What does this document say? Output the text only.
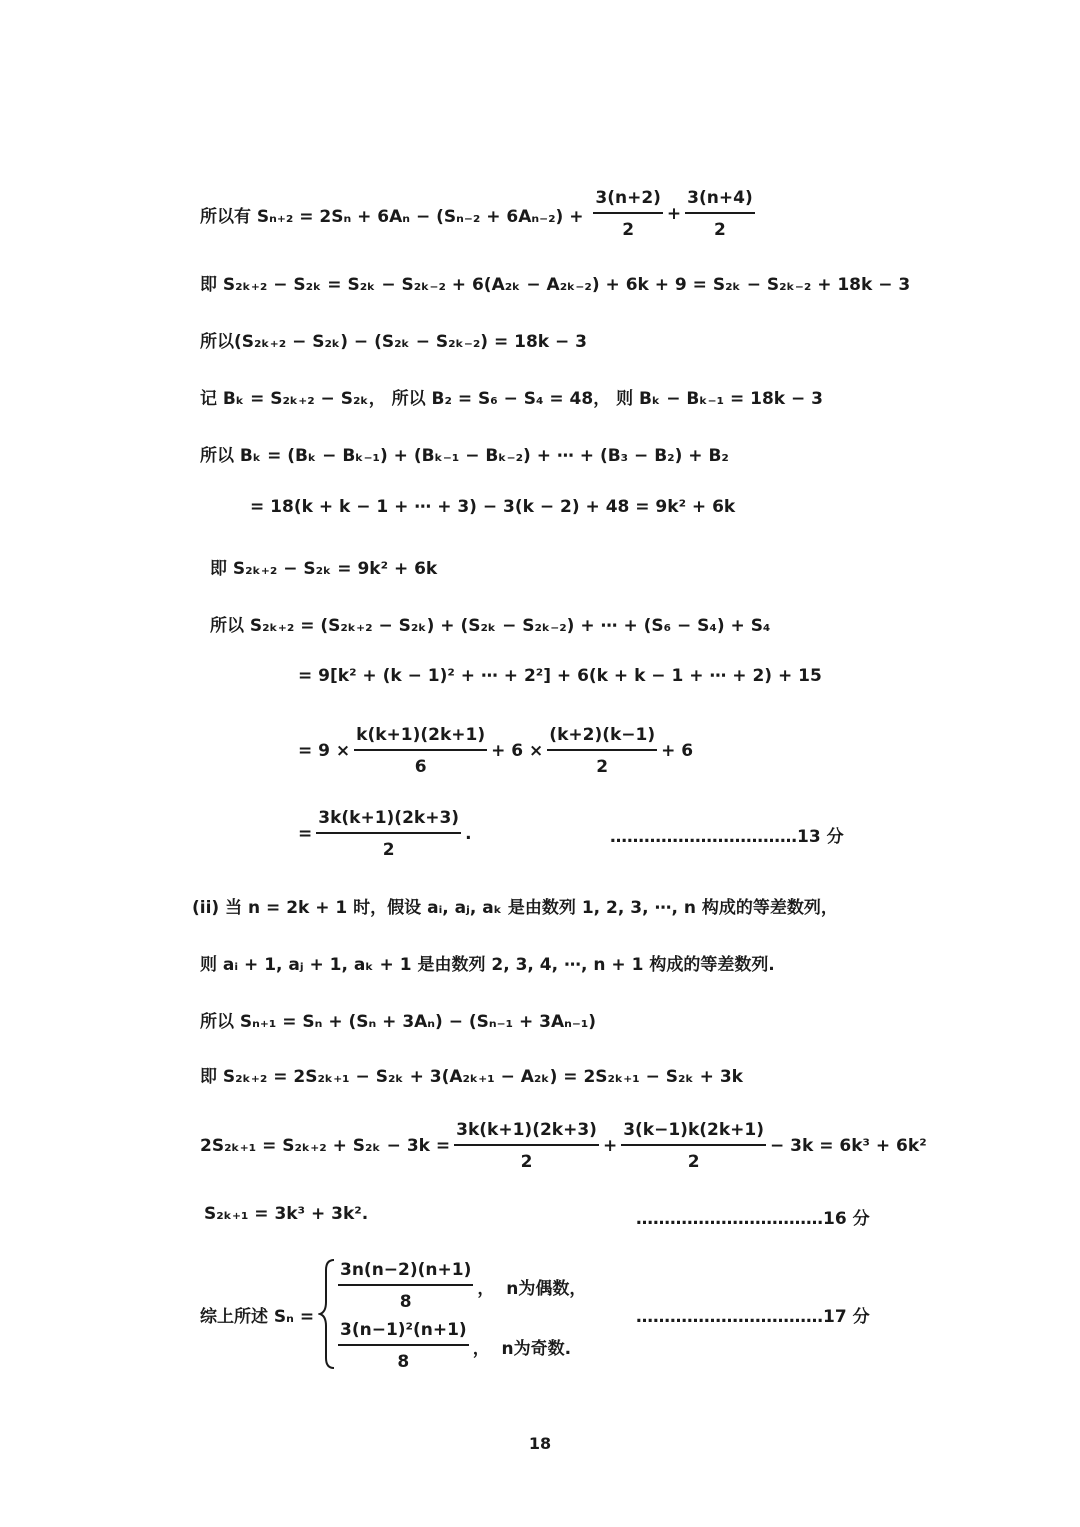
所以有 $S_{n+2} = 2S_n + 6A_n - (S_{n-2} + 6A_{n-2}) + \frac{3(n+2)}{2} + \frac{3(n+4)}{2}$
即 S₂ₖ₊₂ − S₂ₖ = S₂ₖ − S₂ₖ₋₂ + 6(A₂ₖ − A₂ₖ₋₂) + 6k + 9 = S₂ₖ − S₂ₖ₋₂ + 18k − 3
所以(S₂ₖ₊₂ − S₂ₖ) − (S₂ₖ − S₂ₖ₋₂) = 18k − 3
记 Bₖ = S₂ₖ₊₂ − S₂ₖ， 所以 B₂ = S₆ − S₄ = 48， 则 Bₖ − Bₖ₋₁ = 18k − 3
所以 Bₖ = (Bₖ − Bₖ₋₁) + (Bₖ₋₁ − Bₖ₋₂) + ⋯ + (B₃ − B₂) + B₂
= 18(k + k − 1 + ⋯ + 3) − 3(k − 2) + 48 = 9k² + 6k
即 S₂ₖ₊₂ − S₂ₖ = 9k² + 6k
所以 S₂ₖ₊₂ = (S₂ₖ₊₂ − S₂ₖ) + (S₂ₖ − S₂ₖ₋₂) + ⋯ + (S₆ − S₄) + S₄
= 9[k² + (k − 1)² + ⋯ + 2²] + 6(k + k − 1 + ⋯ + 2) + 15
= $9 \times \frac{k(k+1)(2k+1)}{6} + 6 \times \frac{(k+2)(k-1)}{2} + 6$
= $\frac{3k(k+1)(2k+3)}{2}$ .	……………………………13 分
(ii) 当 n = 2k + 1 时，假设 aᵢ, aⱼ, aₖ 是由数列 1, 2, 3, ⋯, n 构成的等差数列，
则 aᵢ + 1, aⱼ + 1, aₖ + 1 是由数列 2, 3, 4, ⋯, n + 1 构成的等差数列.
所以 Sₙ₊₁ = Sₙ + (Sₙ + 3Aₙ) − (Sₙ₋₁ + 3Aₙ₋₁)
即 S₂ₖ₊₂ = 2S₂ₖ₊₁ − S₂ₖ + 3(A₂ₖ₊₁ − A₂ₖ) = 2S₂ₖ₊₁ − S₂ₖ + 3k
$2S_{2k+1} = S_{2k+2} + S_{2k} - 3k = \frac{3k(k+1)(2k+3)}{2} + \frac{3(k-1)k(2k+1)}{2} - 3k = 6k^3 + 6k^2$
S₂ₖ₊₁ = 3k³ + 3k².	……………………………16 分
综上所述 Sₙ =
$\frac{3n(n-2)(n+1)}{8}$ ，  n为偶数，
……………………………17 分
$\frac{\text{3(n−1)²(n+1)}}{8}$ ，  n为奇数.
18
